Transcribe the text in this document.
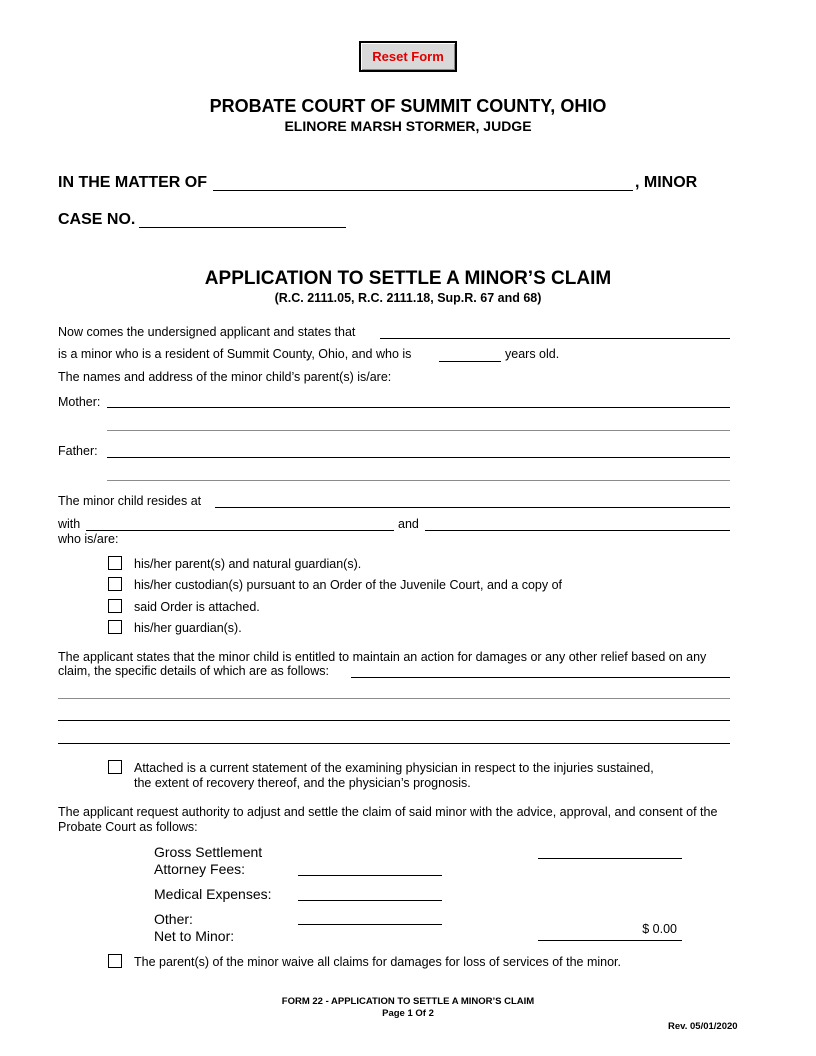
Reset Form
PROBATE COURT OF SUMMIT COUNTY, OHIO
ELINORE MARSH STORMER, JUDGE
IN THE MATTER OF	, MINOR
CASE NO.
APPLICATION TO SETTLE A MINOR’S CLAIM
(R.C. 2111.05, R.C. 2111.18, Sup.R. 67 and 68)
Now comes the undersigned applicant and states that
is a minor who is a resident of Summit County, Ohio, and who is	years old.
The names and address of the minor child’s parent(s) is/are:
Mother:
Father:
The minor child resides at
with	and
who is/are:
his/her parent(s) and natural guardian(s).
his/her custodian(s) pursuant to an Order of the Juvenile Court, and a copy of
said Order is attached.
his/her guardian(s).
The applicant states that the minor child is entitled to maintain an action for damages or any other relief based on any
claim, the specific details of which are as follows:
Attached is a current statement of the examining physician in respect to the injuries sustained,
the extent of recovery thereof, and the physician’s prognosis.
The applicant request authority to adjust and settle the claim of said minor with the advice, approval, and consent of the
Probate Court as follows:
Gross Settlement
Attorney Fees:
Medical Expenses:
Other:
Net to Minor:	$ 0.00
The parent(s) of the minor waive all claims for damages for loss of services of the minor.
FORM 22 - APPLICATION TO SETTLE A MINOR’S CLAIM
Page 1 Of 2
Rev. 05/01/2020
